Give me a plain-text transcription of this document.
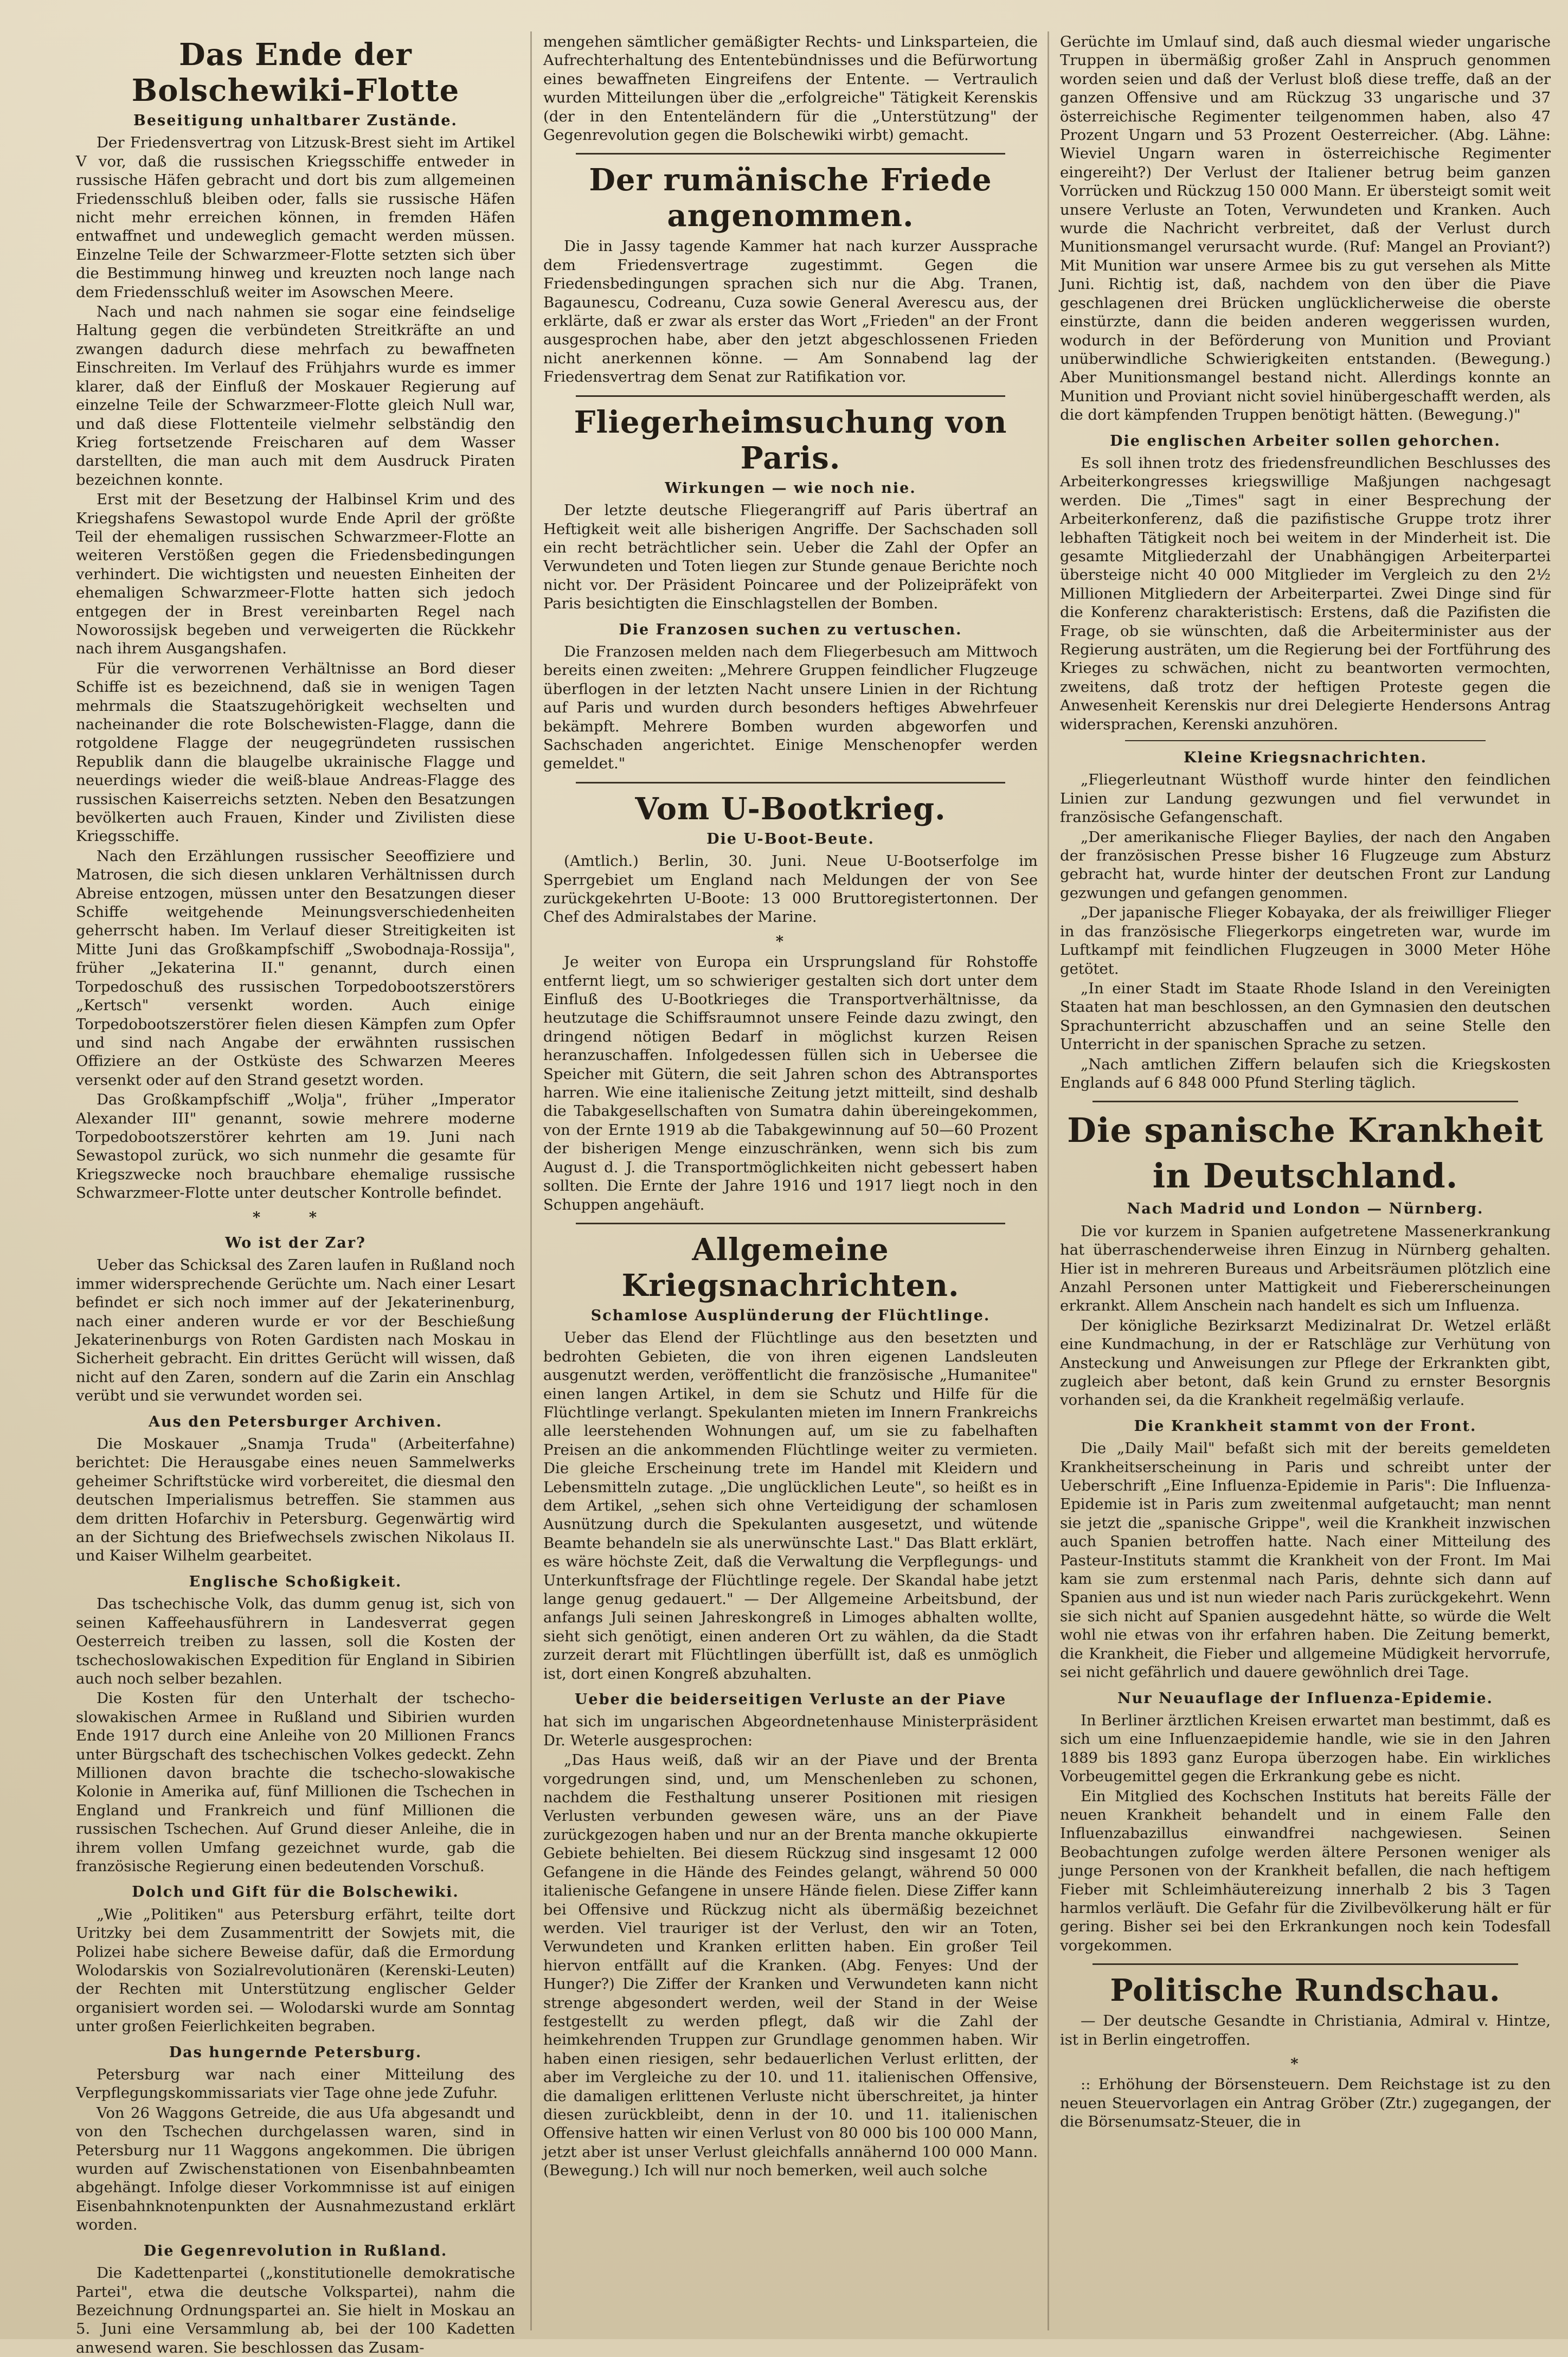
Das Ende der Bolschewiki-Flotte
Beseitigung unhaltbarer Zustände.

Der Friedensvertrag von Litzusk-Brest sieht im Artikel V vor, daß die russischen Kriegsschiffe entweder in russische Häfen gebracht und dort bis zum allgemeinen Friedensschluß bleiben oder, falls sie russische Häfen nicht mehr erreichen können, in fremden Häfen entwaffnet und undeweglich gemacht werden müssen. Einzelne Teile der Schwarzmeer-Flotte setzten sich über die Bestimmung hinweg und kreuzten noch lange nach dem Friedensschluß weiter im Asowschen Meere.

Nach und nach nahmen sie sogar eine feindselige Haltung gegen die verbündeten Streitkräfte an und zwangen dadurch diese mehrfach zu bewaffneten Einschreiten. Im Verlauf des Frühjahrs wurde es immer klarer, daß der Einfluß der Moskauer Regierung auf einzelne Teile der Schwarzmeer-Flotte gleich Null war, und daß diese Flottenteile vielmehr selbständig den Krieg fortsetzende Freischaren auf dem Wasser darstellten, die man auch mit dem Ausdruck Piraten bezeichnen konnte.

Erst mit der Besetzung der Halbinsel Krim und des Kriegshafens Sewastopol wurde Ende April der größte Teil der ehemaligen russischen Schwarzmeer-Flotte an weiteren Verstößen gegen die Friedensbedingungen verhindert. Die wichtigsten und neuesten Einheiten der ehemaligen Schwarzmeer-Flotte hatten sich jedoch entgegen der in Brest vereinbarten Regel nach Noworossijsk begeben und verweigerten die Rückkehr nach ihrem Ausgangshafen.

Für die verworrenen Verhältnisse an Bord dieser Schiffe ist es bezeichnend, daß sie in wenigen Tagen mehrmals die Staatszugehörigkeit wechselten und nacheinander die rote Bolschewisten-Flagge, dann die rotgoldene Flagge der neugegründeten russischen Republik dann die blaugelbe ukrainische Flagge und neuerdings wieder die weiß-blaue Andreas-Flagge des russischen Kaiserreichs setzten. Neben den Besatzungen bevölkerten auch Frauen, Kinder und Zivilisten diese Kriegsschiffe.

Nach den Erzählungen russischer Seeoffiziere und Matrosen, die sich diesen unklaren Verhältnissen durch Abreise entzogen, müssen unter den Besatzungen dieser Schiffe weitgehende Meinungsverschiedenheiten geherrscht haben. Im Verlauf dieser Streitigkeiten ist Mitte Juni das Großkampfschiff „Swobodnaja-Rossija", früher „Jekaterina II." genannt, durch einen Torpedoschuß des russischen Torpedobootszerstörers „Kertsch" versenkt worden. Auch einige Torpedobootszerstörer fielen diesen Kämpfen zum Opfer und sind nach Angabe der erwähnten russischen Offiziere an der Ostküste des Schwarzen Meeres versenkt oder auf den Strand gesetzt worden.

Das Großkampfschiff „Wolja", früher „Imperator Alexander III" genannt, sowie mehrere moderne Torpedobootszerstörer kehrten am 19. Juni nach Sewastopol zurück, wo sich nunmehr die gesamte für Kriegszwecke noch brauchbare ehemalige russische Schwarzmeer-Flotte unter deutscher Kontrolle befindet.

* *
Wo ist der Zar?

Ueber das Schicksal des Zaren laufen in Rußland noch immer widersprechende Gerüchte um. Nach einer Lesart befindet er sich noch immer auf der Jekaterinenburg, nach einer anderen wurde er vor der Beschießung Jekaterinenburgs von Roten Gardisten nach Moskau in Sicherheit gebracht. Ein drittes Gerücht will wissen, daß nicht auf den Zaren, sondern auf die Zarin ein Anschlag verübt und sie verwundet worden sei.

Aus den Petersburger Archiven.

Die Moskauer „Snamja Truda" (Arbeiterfahne) berichtet: Die Herausgabe eines neuen Sammelwerks geheimer Schriftstücke wird vorbereitet, die diesmal den deutschen Imperialismus betreffen. Sie stammen aus dem dritten Hofarchiv in Petersburg. Gegenwärtig wird an der Sichtung des Briefwechsels zwischen Nikolaus II. und Kaiser Wilhelm gearbeitet.

Englische Schoßigkeit.

Das tschechische Volk, das dumm genug ist, sich von seinen Kaffeehausführern in Landesverrat gegen Oesterreich treiben zu lassen, soll die Kosten der tschechoslowakischen Expedition für England in Sibirien auch noch selber bezahlen.

Die Kosten für den Unterhalt der tschecho-slowakischen Armee in Rußland und Sibirien wurden Ende 1917 durch eine Anleihe von 20 Millionen Francs unter Bürgschaft des tschechischen Volkes gedeckt. Zehn Millionen davon brachte die tschecho-slowakische Kolonie in Amerika auf, fünf Millionen die Tschechen in England und Frankreich und fünf Millionen die russischen Tschechen. Auf Grund dieser Anleihe, die in ihrem vollen Umfang gezeichnet wurde, gab die französische Regierung einen bedeutenden Vorschuß.

Dolch und Gift für die Bolschewiki.

„Wie „Politiken" aus Petersburg erfährt, teilte dort Uritzky bei dem Zusammentritt der Sowjets mit, die Polizei habe sichere Beweise dafür, daß die Ermordung Wolodarskis von Sozialrevolutionären (Kerenski-Leuten) der Rechten mit Unterstützung englischer Gelder organisiert worden sei. — Wolodarski wurde am Sonntag unter großen Feierlichkeiten begraben.

Das hungernde Petersburg.

Petersburg war nach einer Mitteilung des Verpflegungskommissariats vier Tage ohne jede Zufuhr.

Von 26 Waggons Getreide, die aus Ufa abgesandt und von den Tschechen durchgelassen waren, sind in Petersburg nur 11 Waggons angekommen. Die übrigen wurden auf Zwischenstationen von Eisenbahnbeamten abgehängt. Infolge dieser Vorkommnisse ist auf einigen Eisenbahnknotenpunkten der Ausnahmezustand erklärt worden.

Die Gegenrevolution in Rußland.

Die Kadettenpartei („konstitutionelle demokratische Partei", etwa die deutsche Volkspartei), nahm die Bezeichnung Ordnungspartei an. Sie hielt in Moskau an 5. Juni eine Versammlung ab, bei der 100 Kadetten anwesend waren. Sie beschlossen das Zusam-

mengehen sämtlicher gemäßigter Rechts- und Linksparteien, die Aufrechterhaltung des Ententebündnisses und die Befürwortung eines bewaffneten Eingreifens der Entente. — Vertraulich wurden Mitteilungen über die „erfolgreiche" Tätigkeit Kerenskis (der in den Ententeländern für die „Unterstützung" der Gegenrevolution gegen die Bolschewiki wirbt) gemacht.

Der rumänische Friede angenommen.

Die in Jassy tagende Kammer hat nach kurzer Aussprache dem Friedensvertrage zugestimmt. Gegen die Friedensbedingungen sprachen sich nur die Abg. Tranen, Bagaunescu, Codreanu, Cuza sowie General Averescu aus, der erklärte, daß er zwar als erster das Wort „Frieden" an der Front ausgesprochen habe, aber den jetzt abgeschlossenen Frieden nicht anerkennen könne. — Am Sonnabend lag der Friedensvertrag dem Senat zur Ratifikation vor.

Fliegerheimsuchung von Paris.
Wirkungen — wie noch nie.

Der letzte deutsche Fliegerangriff auf Paris übertraf an Heftigkeit weit alle bisherigen Angriffe. Der Sachschaden soll ein recht beträchtlicher sein. Ueber die Zahl der Opfer an Verwundeten und Toten liegen zur Stunde genaue Berichte noch nicht vor. Der Präsident Poincaree und der Polizeipräfekt von Paris besichtigten die Einschlagstellen der Bomben.

Die Franzosen suchen zu vertuschen.

Die Franzosen melden nach dem Fliegerbesuch am Mittwoch bereits einen zweiten: „Mehrere Gruppen feindlicher Flugzeuge überflogen in der letzten Nacht unsere Linien in der Richtung auf Paris und wurden durch besonders heftiges Abwehrfeuer bekämpft. Mehrere Bomben wurden abgeworfen und Sachschaden angerichtet. Einige Menschenopfer werden gemeldet."

Vom U-Bootkrieg.
Die U-Boot-Beute.

(Amtlich.) Berlin, 30. Juni. Neue U-Bootserfolge im Sperrgebiet um England nach Meldungen der von See zurückgekehrten U-Boote: 13 000 Bruttoregistertonnen. Der Chef des Admiralstabes der Marine.

*

Je weiter von Europa ein Ursprungsland für Rohstoffe entfernt liegt, um so schwieriger gestalten sich dort unter dem Einfluß des U-Bootkrieges die Transportverhältnisse, da heutzutage die Schiffsraumnot unsere Feinde dazu zwingt, den dringend nötigen Bedarf in möglichst kurzen Reisen heranzuschaffen. Infolgedessen füllen sich in Uebersee die Speicher mit Gütern, die seit Jahren schon des Abtransportes harren. Wie eine italienische Zeitung jetzt mitteilt, sind deshalb die Tabakgesellschaften von Sumatra dahin übereingekommen, von der Ernte 1919 ab die Tabakgewinnung auf 50—60 Prozent der bisherigen Menge einzuschränken, wenn sich bis zum August d. J. die Transportmöglichkeiten nicht gebessert haben sollten. Die Ernte der Jahre 1916 und 1917 liegt noch in den Schuppen angehäuft.

Allgemeine Kriegsnachrichten.
Schamlose Ausplünderung der Flüchtlinge.

Ueber das Elend der Flüchtlinge aus den besetzten und bedrohten Gebieten, die von ihren eigenen Landsleuten ausgenutzt werden, veröffentlicht die französische „Humanitee" einen langen Artikel, in dem sie Schutz und Hilfe für die Flüchtlinge verlangt. Spekulanten mieten im Innern Frankreichs alle leerstehenden Wohnungen auf, um sie zu fabelhaften Preisen an die ankommenden Flüchtlinge weiter zu vermieten. Die gleiche Erscheinung trete im Handel mit Kleidern und Lebensmitteln zutage. „Die unglücklichen Leute", so heißt es in dem Artikel, „sehen sich ohne Verteidigung der schamlosen Ausnützung durch die Spekulanten ausgesetzt, und wütende Beamte behandeln sie als unerwünschte Last." Das Blatt erklärt, es wäre höchste Zeit, daß die Verwaltung die Verpflegungs- und Unterkunftsfrage der Flüchtlinge regele. Der Skandal habe jetzt lange genug gedauert." — Der Allgemeine Arbeitsbund, der anfangs Juli seinen Jahreskongreß in Limoges abhalten wollte, sieht sich genötigt, einen anderen Ort zu wählen, da die Stadt zurzeit derart mit Flüchtlingen überfüllt ist, daß es unmöglich ist, dort einen Kongreß abzuhalten.

Ueber die beiderseitigen Verluste an der Piave

hat sich im ungarischen Abgeordnetenhause Ministerpräsident Dr. Weterle ausgesprochen:

„Das Haus weiß, daß wir an der Piave und der Brenta vorgedrungen sind, und, um Menschenleben zu schonen, nachdem die Festhaltung unserer Positionen mit riesigen Verlusten verbunden gewesen wäre, uns an der Piave zurückgezogen haben und nur an der Brenta manche okkupierte Gebiete behielten. Bei diesem Rückzug sind insgesamt 12 000 Gefangene in die Hände des Feindes gelangt, während 50 000 italienische Gefangene in unsere Hände fielen. Diese Ziffer kann bei Offensive und Rückzug nicht als übermäßig bezeichnet werden. Viel trauriger ist der Verlust, den wir an Toten, Verwundeten und Kranken erlitten haben. Ein großer Teil hiervon entfällt auf die Kranken. (Abg. Fenyes: Und der Hunger?) Die Ziffer der Kranken und Verwundeten kann nicht strenge abgesondert werden, weil der Stand in der Weise festgestellt zu werden pflegt, daß wir die Zahl der heimkehrenden Truppen zur Grundlage genommen haben. Wir haben einen riesigen, sehr bedauerlichen Verlust erlitten, der aber im Vergleiche zu der 10. und 11. italienischen Offensive, die damaligen erlittenen Verluste nicht überschreitet, ja hinter diesen zurückbleibt, denn in der 10. und 11. italienischen Offensive hatten wir einen Verlust von 80 000 bis 100 000 Mann, jetzt aber ist unser Verlust gleichfalls annähernd 100 000 Mann. (Bewegung.) Ich will nur noch bemerken, weil auch solche

Gerüchte im Umlauf sind, daß auch diesmal wieder ungarische Truppen in übermäßig großer Zahl in Anspruch genommen worden seien und daß der Verlust bloß diese treffe, daß an der ganzen Offensive und am Rückzug 33 ungarische und 37 österreichische Regimenter teilgenommen haben, also 47 Prozent Ungarn und 53 Prozent Oesterreicher. (Abg. Lähne: Wieviel Ungarn waren in österreichische Regimenter eingereiht?) Der Verlust der Italiener betrug beim ganzen Vorrücken und Rückzug 150 000 Mann. Er übersteigt somit weit unsere Verluste an Toten, Verwundeten und Kranken. Auch wurde die Nachricht verbreitet, daß der Verlust durch Munitionsmangel verursacht wurde. (Ruf: Mangel an Proviant?) Mit Munition war unsere Armee bis zu gut versehen als Mitte Juni. Richtig ist, daß, nachdem von den über die Piave geschlagenen drei Brücken unglücklicherweise die oberste einstürzte, dann die beiden anderen weggerissen wurden, wodurch in der Beförderung von Munition und Proviant unüberwindliche Schwierigkeiten entstanden. (Bewegung.) Aber Munitionsmangel bestand nicht. Allerdings konnte an Munition und Proviant nicht soviel hinübergeschafft werden, als die dort kämpfenden Truppen benötigt hätten. (Bewegung.)"

Die englischen Arbeiter sollen gehorchen.

Es soll ihnen trotz des friedensfreundlichen Beschlusses des Arbeiterkongresses kriegswillige Maßjungen nachgesagt werden. Die „Times" sagt in einer Besprechung der Arbeiterkonferenz, daß die pazifistische Gruppe trotz ihrer lebhaften Tätigkeit noch bei weitem in der Minderheit ist. Die gesamte Mitgliederzahl der Unabhängigen Arbeiterpartei übersteige nicht 40 000 Mitglieder im Vergleich zu den 2½ Millionen Mitgliedern der Arbeiterpartei. Zwei Dinge sind für die Konferenz charakteristisch: Erstens, daß die Pazifisten die Frage, ob sie wünschten, daß die Arbeiterminister aus der Regierung austräten, um die Regierung bei der Fortführung des Krieges zu schwächen, nicht zu beantworten vermochten, zweitens, daß trotz der heftigen Proteste gegen die Anwesenheit Kerenskis nur drei Delegierte Hendersons Antrag widersprachen, Kerenski anzuhören.

Kleine Kriegsnachrichten.

„Fliegerleutnant Wüsthoff wurde hinter den feindlichen Linien zur Landung gezwungen und fiel verwundet in französische Gefangenschaft.

„Der amerikanische Flieger Baylies, der nach den Angaben der französischen Presse bisher 16 Flugzeuge zum Absturz gebracht hat, wurde hinter der deutschen Front zur Landung gezwungen und gefangen genommen.

„Der japanische Flieger Kobayaka, der als freiwilliger Flieger in das französische Fliegerkorps eingetreten war, wurde im Luftkampf mit feindlichen Flugzeugen in 3000 Meter Höhe getötet.

„In einer Stadt im Staate Rhode Island in den Vereinigten Staaten hat man beschlossen, an den Gymnasien den deutschen Sprachunterricht abzuschaffen und an seine Stelle den Unterricht in der spanischen Sprache zu setzen.

„Nach amtlichen Ziffern belaufen sich die Kriegskosten Englands auf 6 848 000 Pfund Sterling täglich.

Die spanische Krankheit
in Deutschland.
Nach Madrid und London — Nürnberg.

Die vor kurzem in Spanien aufgetretene Massenerkrankung hat überraschenderweise ihren Einzug in Nürnberg gehalten. Hier ist in mehreren Bureaus und Arbeitsräumen plötzlich eine Anzahl Personen unter Mattigkeit und Fiebererscheinungen erkrankt. Allem Anschein nach handelt es sich um Influenza.

Der königliche Bezirksarzt Medizinalrat Dr. Wetzel erläßt eine Kundmachung, in der er Ratschläge zur Verhütung von Ansteckung und Anweisungen zur Pflege der Erkrankten gibt, zugleich aber betont, daß kein Grund zu ernster Besorgnis vorhanden sei, da die Krankheit regelmäßig verlaufe.

Die Krankheit stammt von der Front.

Die „Daily Mail" befaßt sich mit der bereits gemeldeten Krankheitserscheinung in Paris und schreibt unter der Ueberschrift „Eine Influenza-Epidemie in Paris": Die Influenza-Epidemie ist in Paris zum zweitenmal aufgetaucht; man nennt sie jetzt die „spanische Grippe", weil die Krankheit inzwischen auch Spanien betroffen hatte. Nach einer Mitteilung des Pasteur-Instituts stammt die Krankheit von der Front. Im Mai kam sie zum erstenmal nach Paris, dehnte sich dann auf Spanien aus und ist nun wieder nach Paris zurückgekehrt. Wenn sie sich nicht auf Spanien ausgedehnt hätte, so würde die Welt wohl nie etwas von ihr erfahren haben. Die Zeitung bemerkt, die Krankheit, die Fieber und allgemeine Müdigkeit hervorrufe, sei nicht gefährlich und dauere gewöhnlich drei Tage.

Nur Neuauflage der Influenza-Epidemie.

In Berliner ärztlichen Kreisen erwartet man bestimmt, daß es sich um eine Influenzaepidemie handle, wie sie in den Jahren 1889 bis 1893 ganz Europa überzogen habe. Ein wirkliches Vorbeugemittel gegen die Erkrankung gebe es nicht.

Ein Mitglied des Kochschen Instituts hat bereits Fälle der neuen Krankheit behandelt und in einem Falle den Influenzabazillus einwandfrei nachgewiesen. Seinen Beobachtungen zufolge werden ältere Personen weniger als junge Personen von der Krankheit befallen, die nach heftigem Fieber mit Schleimhäutereizung innerhalb 2 bis 3 Tagen harmlos verläuft. Die Gefahr für die Zivilbevölkerung hält er für gering. Bisher sei bei den Erkrankungen noch kein Todesfall vorgekommen.

Politische Rundschau.

— Der deutsche Gesandte in Christiania, Admiral v. Hintze, ist in Berlin eingetroffen.

*

:: Erhöhung der Börsensteuern. Dem Reichstage ist zu den neuen Steuervorlagen ein Antrag Gröber (Ztr.) zugegangen, der die Börsenumsatz-Steuer, die in
